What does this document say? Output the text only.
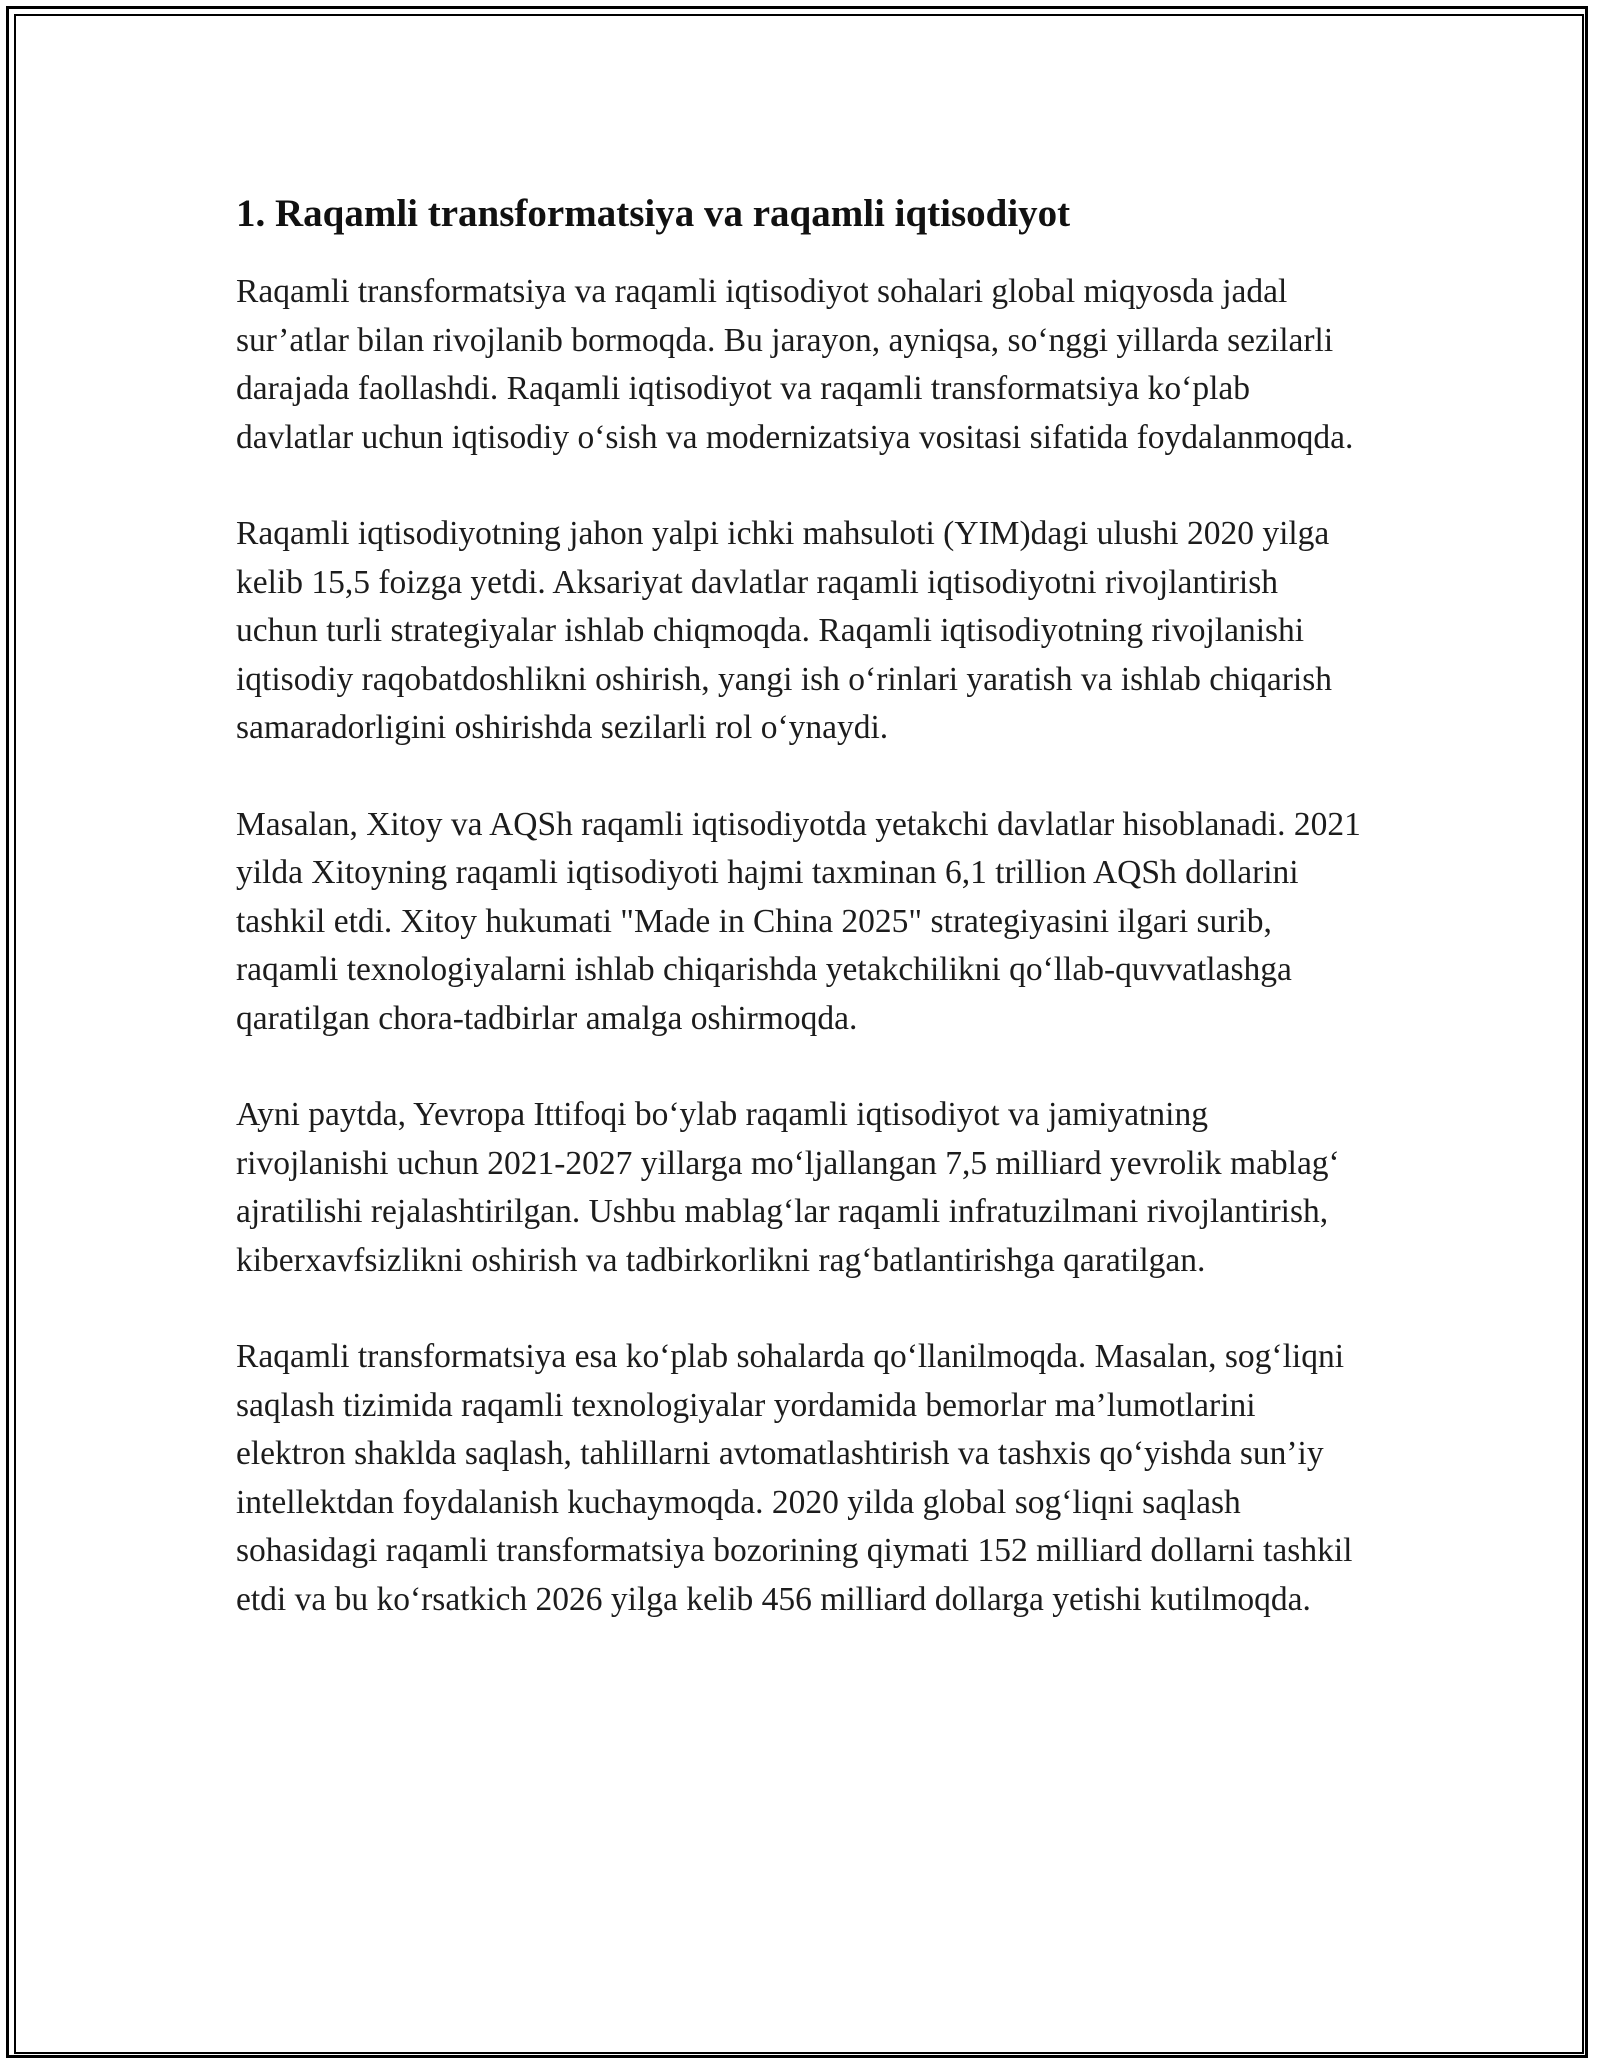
1. Raqamli transformatsiya va raqamli iqtisodiyot

Raqamli transformatsiya va raqamli iqtisodiyot sohalari global miqyosda jadal sur’atlar bilan rivojlanib bormoqda. Bu jarayon, ayniqsa, so‘nggi yillarda sezilarli darajada faollashdi. Raqamli iqtisodiyot va raqamli transformatsiya ko‘plab davlatlar uchun iqtisodiy o‘sish va modernizatsiya vositasi sifatida foydalanmoqda.

Raqamli iqtisodiyotning jahon yalpi ichki mahsuloti (YIM)dagi ulushi 2020 yilga kelib 15,5 foizga yetdi. Aksariyat davlatlar raqamli iqtisodiyotni rivojlantirish uchun turli strategiyalar ishlab chiqmoqda. Raqamli iqtisodiyotning rivojlanishi iqtisodiy raqobatdoshlikni oshirish, yangi ish o‘rinlari yaratish va ishlab chiqarish samaradorligini oshirishda sezilarli rol o‘ynaydi.

Masalan, Xitoy va AQSh raqamli iqtisodiyotda yetakchi davlatlar hisoblanadi. 2021 yilda Xitoyning raqamli iqtisodiyoti hajmi taxminan 6,1 trillion AQSh dollarini tashkil etdi. Xitoy hukumati "Made in China 2025" strategiyasini ilgari surib, raqamli texnologiyalarni ishlab chiqarishda yetakchilikni qo‘llab-quvvatlashga qaratilgan chora-tadbirlar amalga oshirmoqda.

Ayni paytda, Yevropa Ittifoqi bo‘ylab raqamli iqtisodiyot va jamiyatning rivojlanishi uchun 2021-2027 yillarga mo‘ljallangan 7,5 milliard yevrolik mablag‘ ajratilishi rejalashtirilgan. Ushbu mablag‘lar raqamli infratuzilmani rivojlantirish, kiberxavfsizlikni oshirish va tadbirkorlikni rag‘batlantirishga qaratilgan.

Raqamli transformatsiya esa ko‘plab sohalarda qo‘llanilmoqda. Masalan, sog‘liqni saqlash tizimida raqamli texnologiyalar yordamida bemorlar ma’lumotlarini elektron shaklda saqlash, tahlillarni avtomatlashtirish va tashxis qo‘yishda sun’iy intellektdan foydalanish kuchaymoqda. 2020 yilda global sog‘liqni saqlash sohasidagi raqamli transformatsiya bozorining qiymati 152 milliard dollarni tashkil etdi va bu ko‘rsatkich 2026 yilga kelib 456 milliard dollarga yetishi kutilmoqda.
